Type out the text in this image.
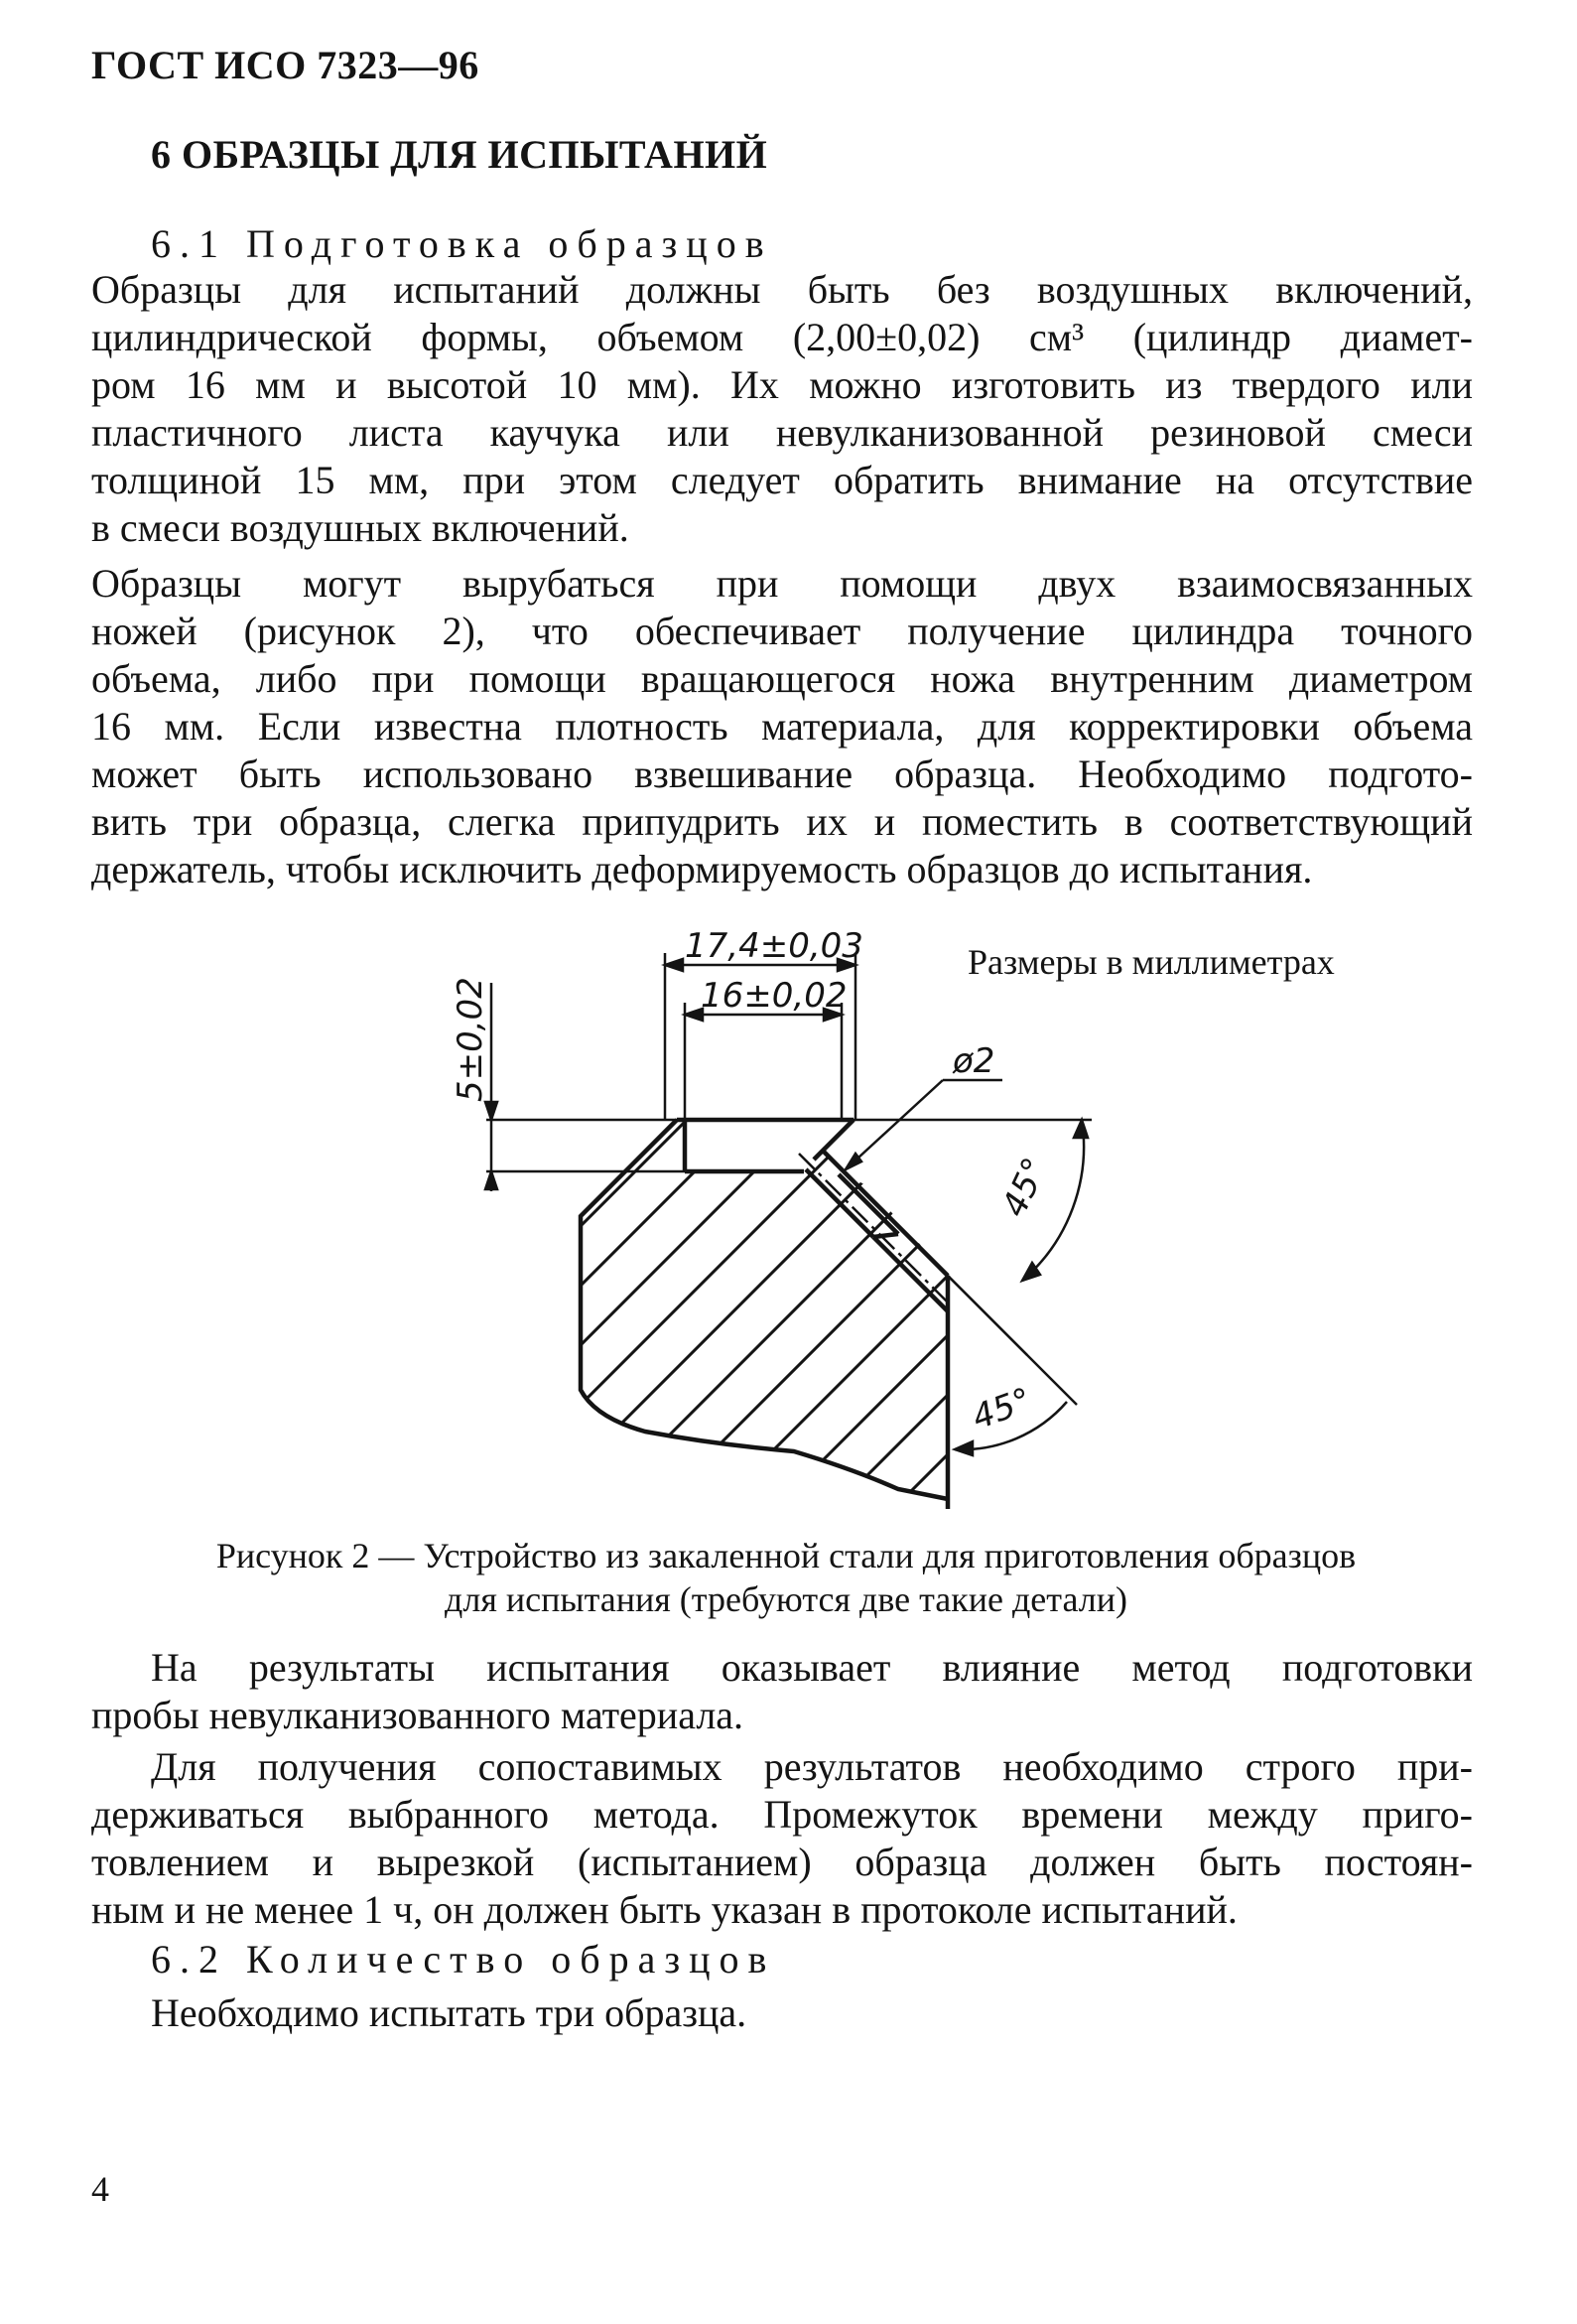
ГОСТ ИСО 7323—96
6 ОБРАЗЦЫ ДЛЯ ИСПЫТАНИЙ
6.1 Подготовка образцов
Образцы для испытаний должны быть без воздушных включений,
цилиндрической формы, объемом (2,00±0,02) см³ (цилиндр диамет-
ром 16 мм и высотой 10 мм). Их можно изготовить из твердого или
пластичного листа каучука или невулканизованной резиновой смеси
толщиной 15 мм, при этом следует обратить внимание на отсутствие
в смеси воздушных включений.
Образцы могут вырубаться при помощи двух взаимосвязанных
ножей (рисунок 2), что обеспечивает получение цилиндра точного
объема, либо при помощи вращающегося ножа внутренним диаметром
16 мм. Если известна плотность материала, для корректировки объема
может быть использовано взвешивание образца. Необходимо подгото-
вить три образца, слегка припудрить их и поместить в соответствующий
держатель, чтобы исключить деформируемость образцов до испытания.
Размеры в миллиметрах
17,4±0,03
16±0,02
5±0,02	ø2
45°
45°
Рисунок 2 — Устройство из закаленной стали для приготовления образцов
для испытания (требуются две такие детали)
На результаты испытания оказывает влияние метод подготовки
пробы невулканизованного материала.
Для получения сопоставимых результатов необходимо строго при-
держиваться выбранного метода. Промежуток времени между приго-
товлением и вырезкой (испытанием) образца должен быть постоян-
ным и не менее 1 ч, он должен быть указан в протоколе испытаний.
6.2 Количество образцов
Необходимо испытать три образца.
4
